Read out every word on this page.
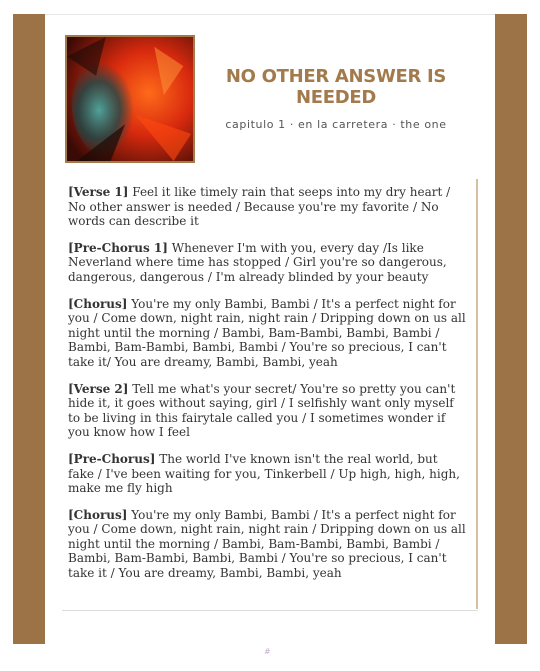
NO OTHER ANSWER IS NEEDED
capitulo 1 · en la carretera · the one

[Verse 1] Feel it like timely rain that seeps into my dry heart / No other answer is needed / Because you're my favorite / No words can describe it

[Pre-Chorus 1] Whenever I'm with you, every day /Is like Neverland where time has stopped / Girl you're so dangerous, dangerous, dangerous / I'm already blinded by your beauty

[Chorus] You're my only Bambi, Bambi / It's a perfect night for you / Come down, night rain, night rain / Dripping down on us all night until the morning / Bambi, Bam-Bambi, Bambi, Bambi / Bambi, Bam-Bambi, Bambi, Bambi / You're so precious, I can't take it/ You are dreamy, Bambi, Bambi, yeah

[Verse 2] Tell me what's your secret/ You're so pretty you can't hide it, it goes without saying, girl / I selfishly want only myself to be living in this fairytale called you / I sometimes wonder if you know how I feel

[Pre-Chorus] The world I've known isn't the real world, but fake / I've been waiting for you, Tinkerbell / Up high, high, high, make me fly high

[Chorus] You're my only Bambi, Bambi / It's a perfect night for you / Come down, night rain, night rain / Dripping down on us all night until the morning / Bambi, Bam-Bambi, Bambi, Bambi / Bambi, Bam-Bambi, Bambi, Bambi / You're so precious, I can't take it / You are dreamy, Bambi, Bambi, yeah

#
